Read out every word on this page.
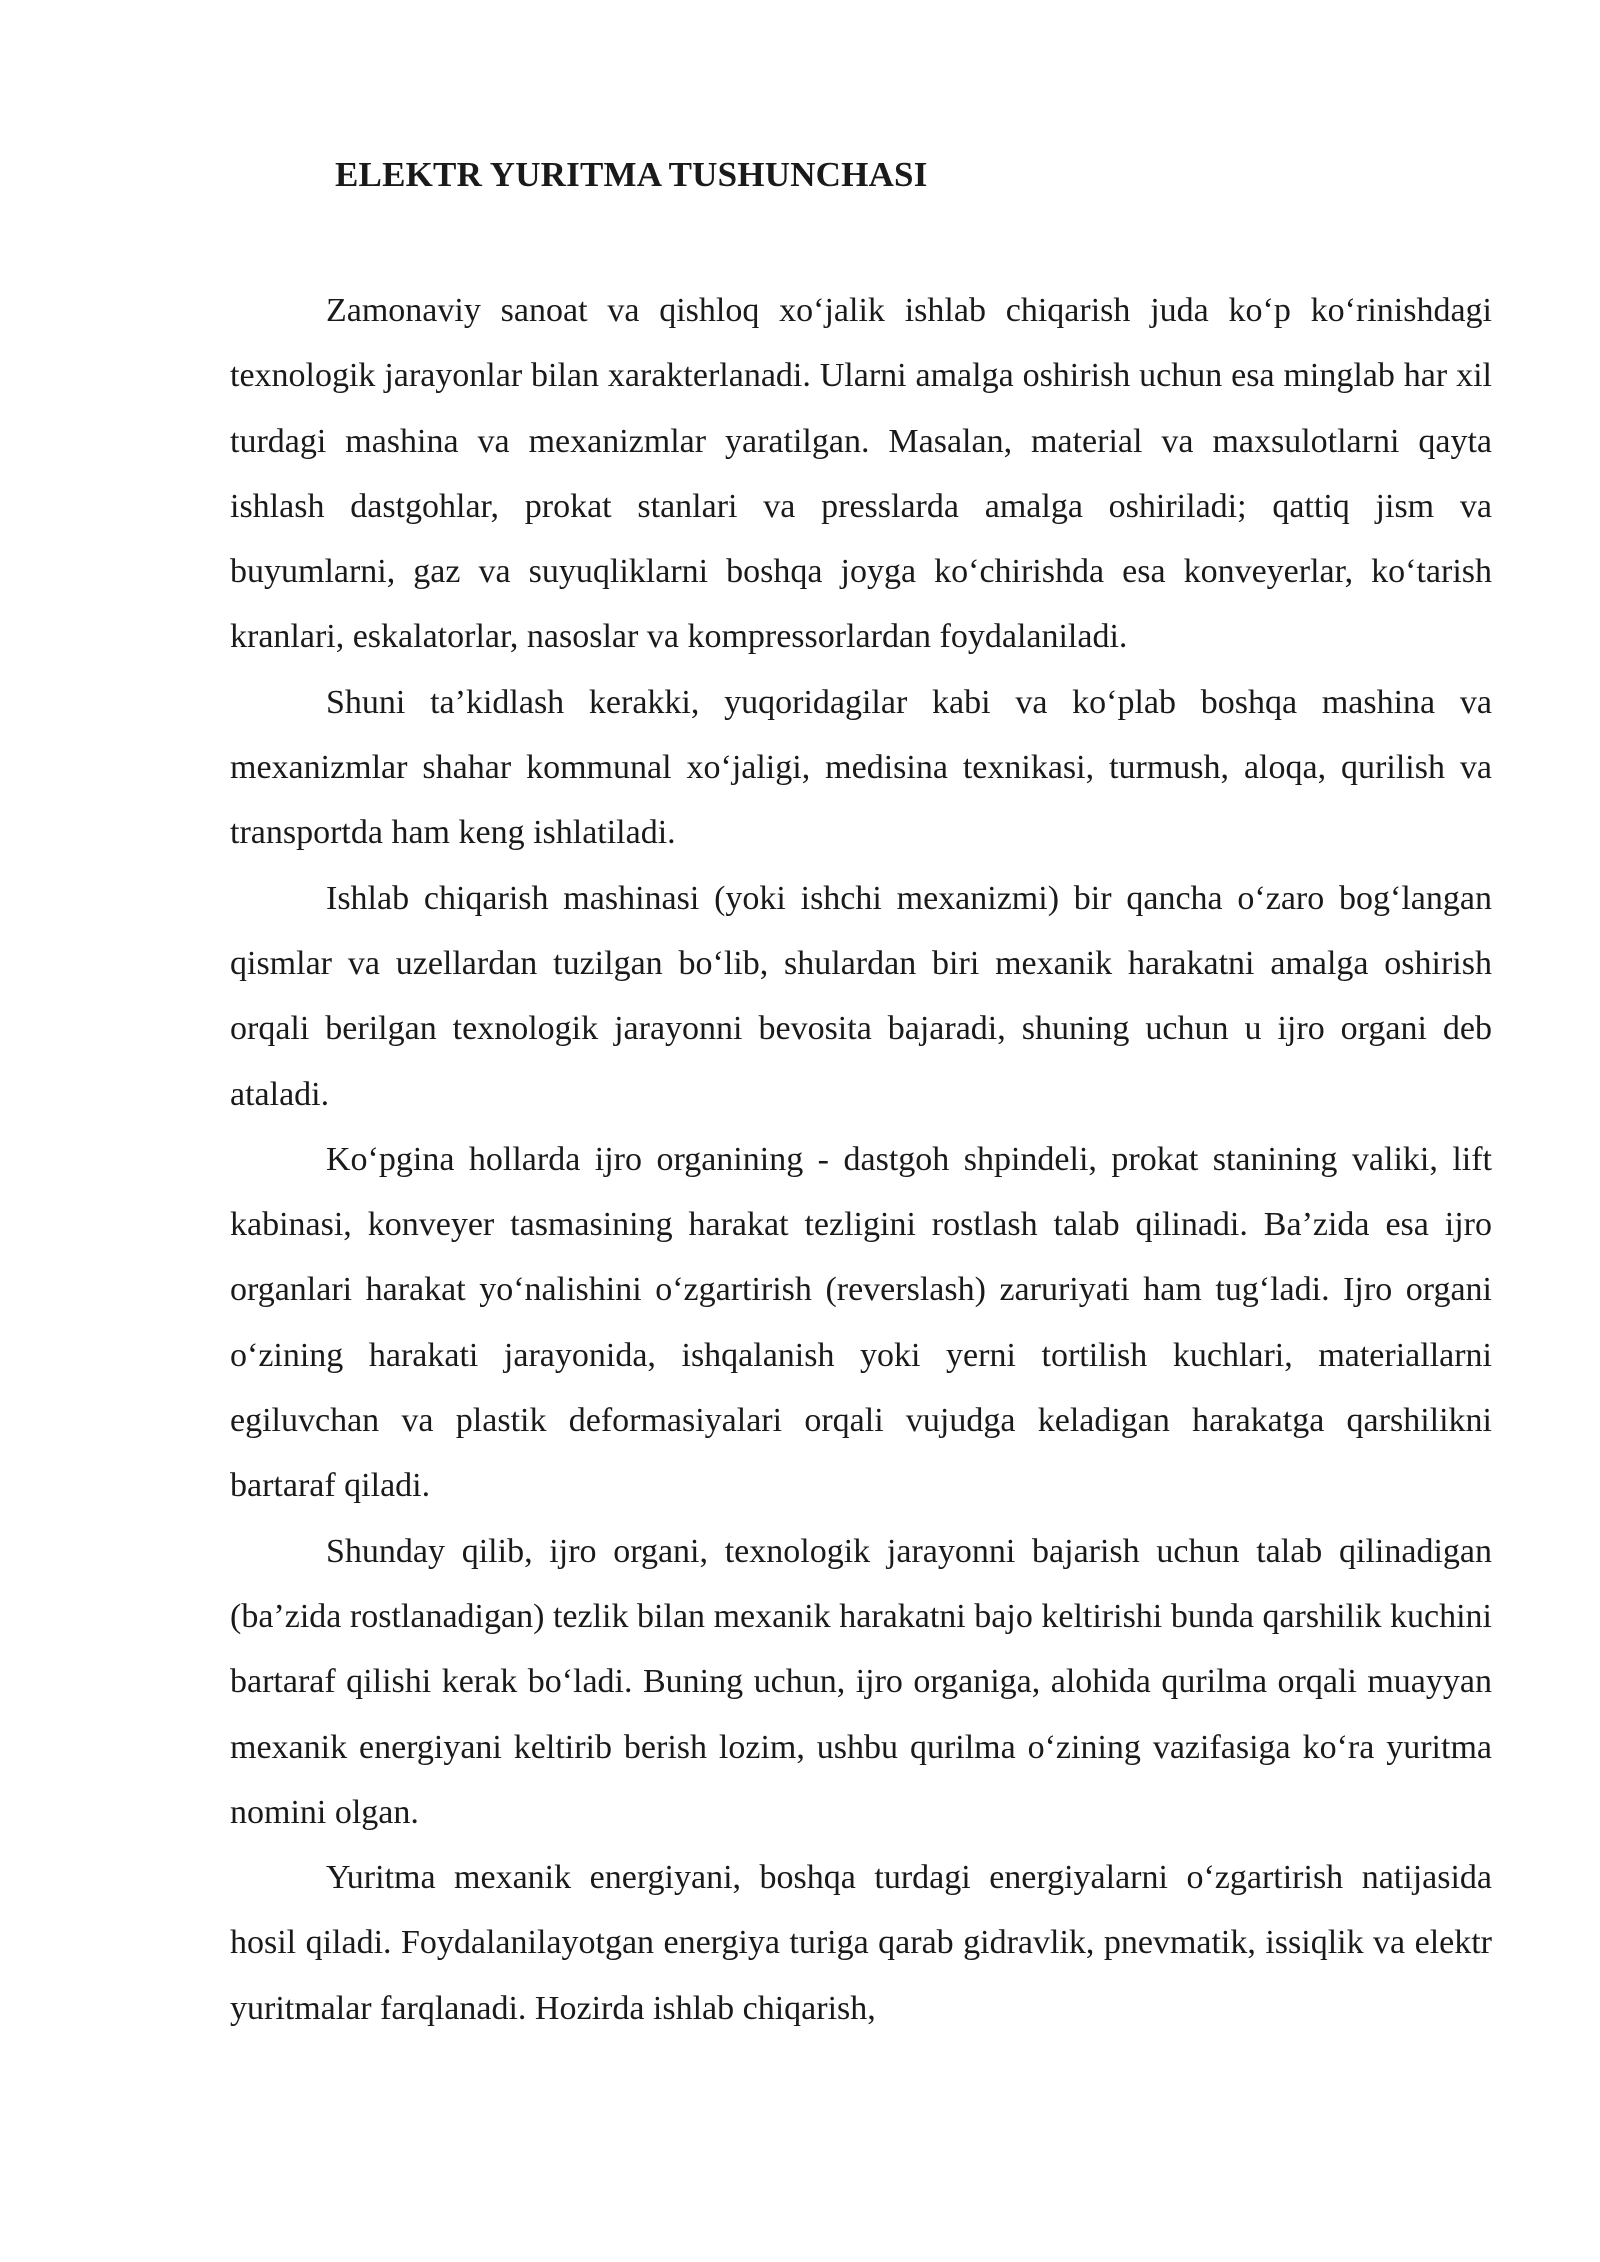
ELEKTR YURITMA TUSHUNCHASI

Zamonaviy sanoat va qishloq xoʻjalik ishlab chiqarish juda koʻp koʻrinishdagi texnologik jarayonlar bilan xarakterlanadi. Ularni amalga oshirish uchun esa minglab har xil turdagi mashina va mexanizmlar yaratilgan. Masalan, material va maxsulotlarni qayta ishlash dastgohlar, prokat stanlari va presslarda amalga oshiriladi; qattiq jism va buyumlarni, gaz va suyuqliklarni boshqa joyga koʻchirishda esa konveyerlar, koʻtarish kranlari, eskalatorlar, nasoslar va kompressorlardan foydalaniladi.

Shuni ta’kidlash kerakki, yuqoridagilar kabi va koʻplab boshqa mashina va mexanizmlar shahar kommunal xoʻjaligi, medisina texnikasi, turmush, aloqa, qurilish va transportda ham keng ishlatiladi.

Ishlab chiqarish mashinasi (yoki ishchi mexanizmi) bir qancha oʻzaro bogʻlangan qismlar va uzellardan tuzilgan boʻlib, shulardan biri mexanik harakatni amalga oshirish orqali berilgan texnologik jarayonni bevosita bajaradi, shuning uchun u ijro organi deb ataladi.

Koʻpgina hollarda ijro organining - dastgoh shpindeli, prokat stanining valiki, lift kabinasi, konveyer tasmasining harakat tezligini rostlash talab qilinadi. Ba’zida esa ijro organlari harakat yoʻnalishini oʻzgartirish (reverslash) zaruriyati ham tugʻladi. Ijro organi oʻzining harakati jarayonida, ishqalanish yoki yerni tortilish kuchlari, materiallarni egiluvchan va plastik deformasiyalari orqali vujudga keladigan harakatga qarshilikni bartaraf qiladi.

Shunday qilib, ijro organi, texnologik jarayonni bajarish uchun talab qilinadigan (ba’zida rostlanadigan) tezlik bilan mexanik harakatni bajo keltirishi bunda qarshilik kuchini bartaraf qilishi kerak boʻladi. Buning uchun, ijro organiga, alohida qurilma orqali muayyan mexanik energiyani keltirib berish lozim, ushbu qurilma oʻzining vazifasiga koʻra yuritma nomini olgan.

Yuritma mexanik energiyani, boshqa turdagi energiyalarni oʻzgartirish natijasida hosil qiladi. Foydalanilayotgan energiya turiga qarab gidravlik, pnevmatik, issiqlik va elektr yuritmalar farqlanadi. Hozirda ishlab chiqarish,
